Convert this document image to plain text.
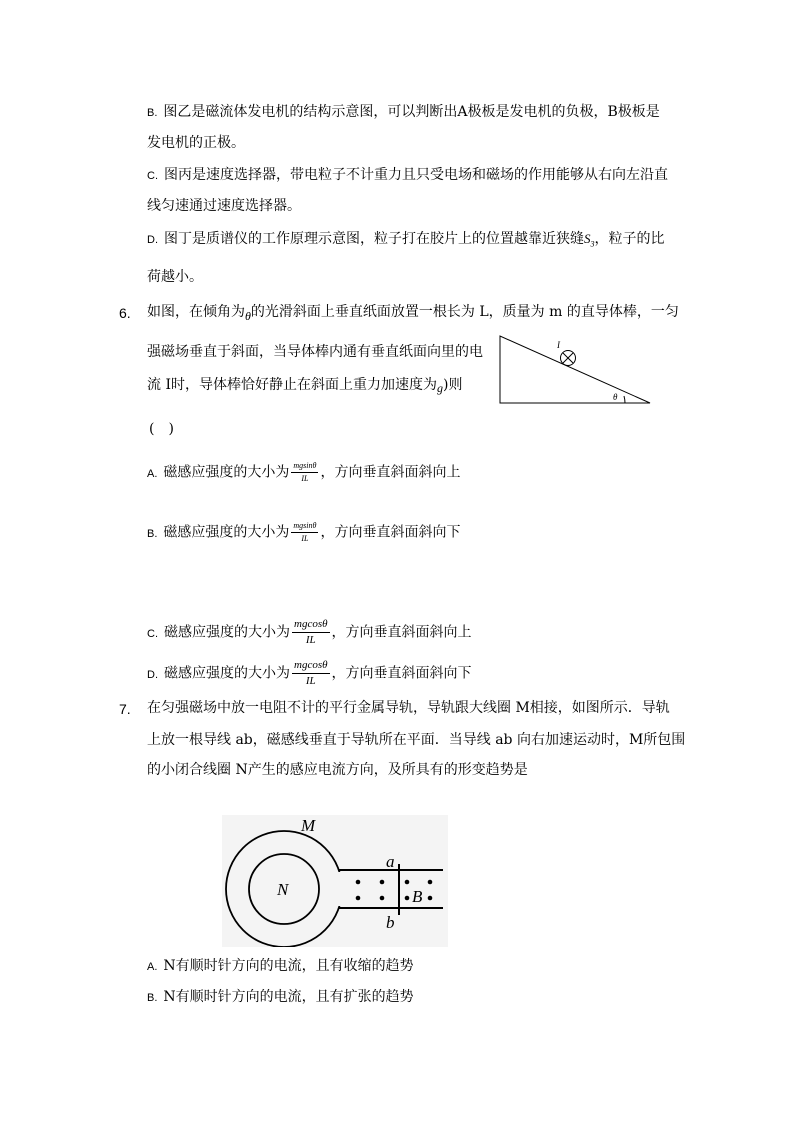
B. 图乙是磁流体发电机的结构示意图，可以判断出A极板是发电机的负极，B极板是
发电机的正极。
C. 图丙是速度选择器，带电粒子不计重力且只受电场和磁场的作用能够从右向左沿直
线匀速通过速度选择器。
D. 图丁是质谱仪的工作原理示意图，粒子打在胶片上的位置越靠近狭缝$S_3$，粒子的比
荷越小。
6. 如图，在倾角为θ的光滑斜面上垂直纸面放置一根长为 L，质量为 m 的直导体棒，一匀
强磁场垂直于斜面，当导体棒内通有垂直纸面向里的电
流 I时，导体棒恰好静止在斜面上重力加速度为g)则
I
θ
(　)
A. 磁感应强度的大小为 $\frac{mgsin\theta}{IL}$ ，方向垂直斜面斜向上
B. 磁感应强度的大小为 $\frac{mgsin\theta}{IL}$ ，方向垂直斜面斜向下
C. 磁感应强度的大小为 $\frac{mgcos\theta}{IL}$ ，方向垂直斜面斜向上
D. 磁感应强度的大小为 $\frac{mgcos\theta}{IL}$ ，方向垂直斜面斜向下
7. 在匀强磁场中放一电阻不计的平行金属导轨，导轨跟大线圈 M相接，如图所示．导轨
上放一根导线 ab，磁感线垂直于导轨所在平面．当导线 ab 向右加速运动时，M所包围
的小闭合线圈 N产生的感应电流方向，及所具有的形变趋势是
M
N
a
b
B
A. N有顺时针方向的电流，且有收缩的趋势
B. N有顺时针方向的电流，且有扩张的趋势
